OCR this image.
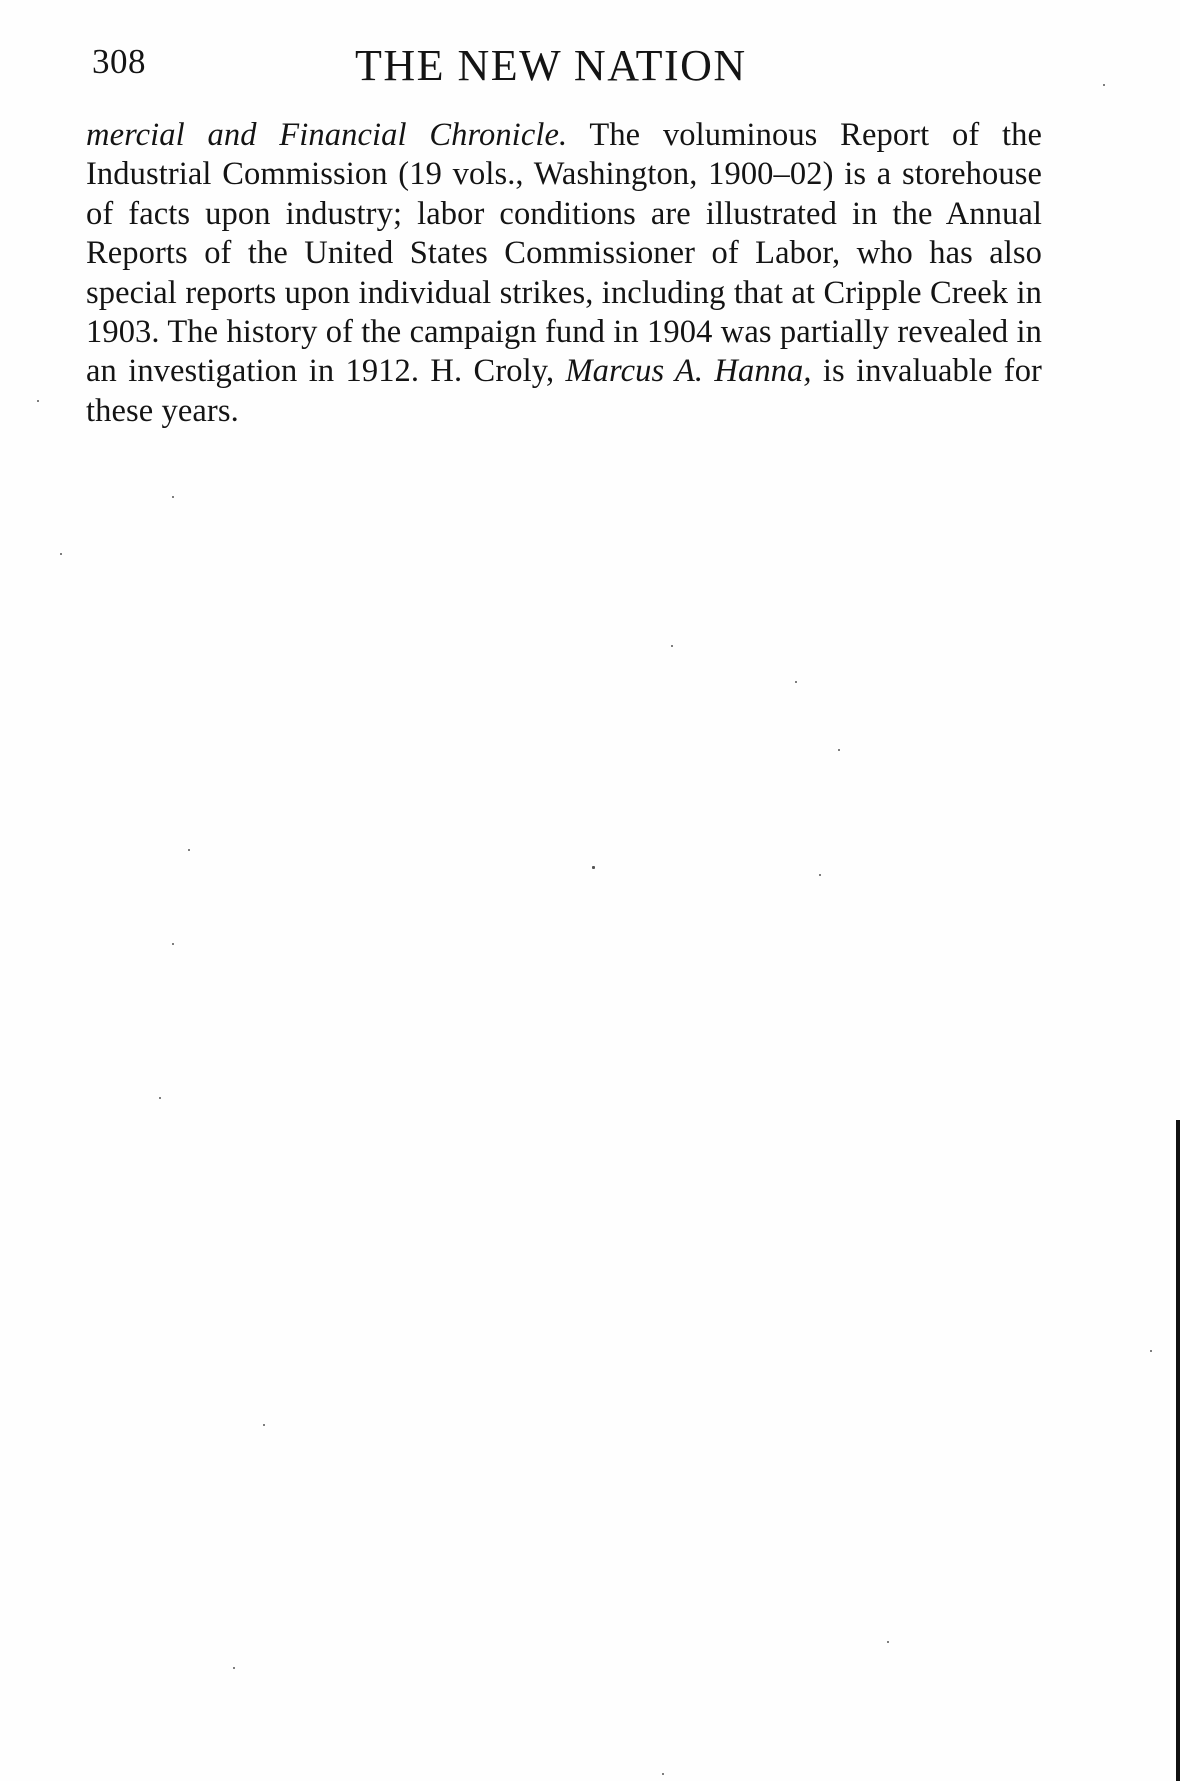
308	THE NEW NATION

mercial and Financial Chronicle. The voluminous Report of the Industrial Commission (19 vols., Washington, 1900–02) is a storehouse of facts upon industry; labor conditions are illustrated in the Annual Reports of the United States Commissioner of Labor, who has also special reports upon individual strikes, including that at Cripple Creek in 1903. The history of the campaign fund in 1904 was partially revealed in an investigation in 1912. H. Croly, Marcus A. Hanna, is invaluable for these years.
